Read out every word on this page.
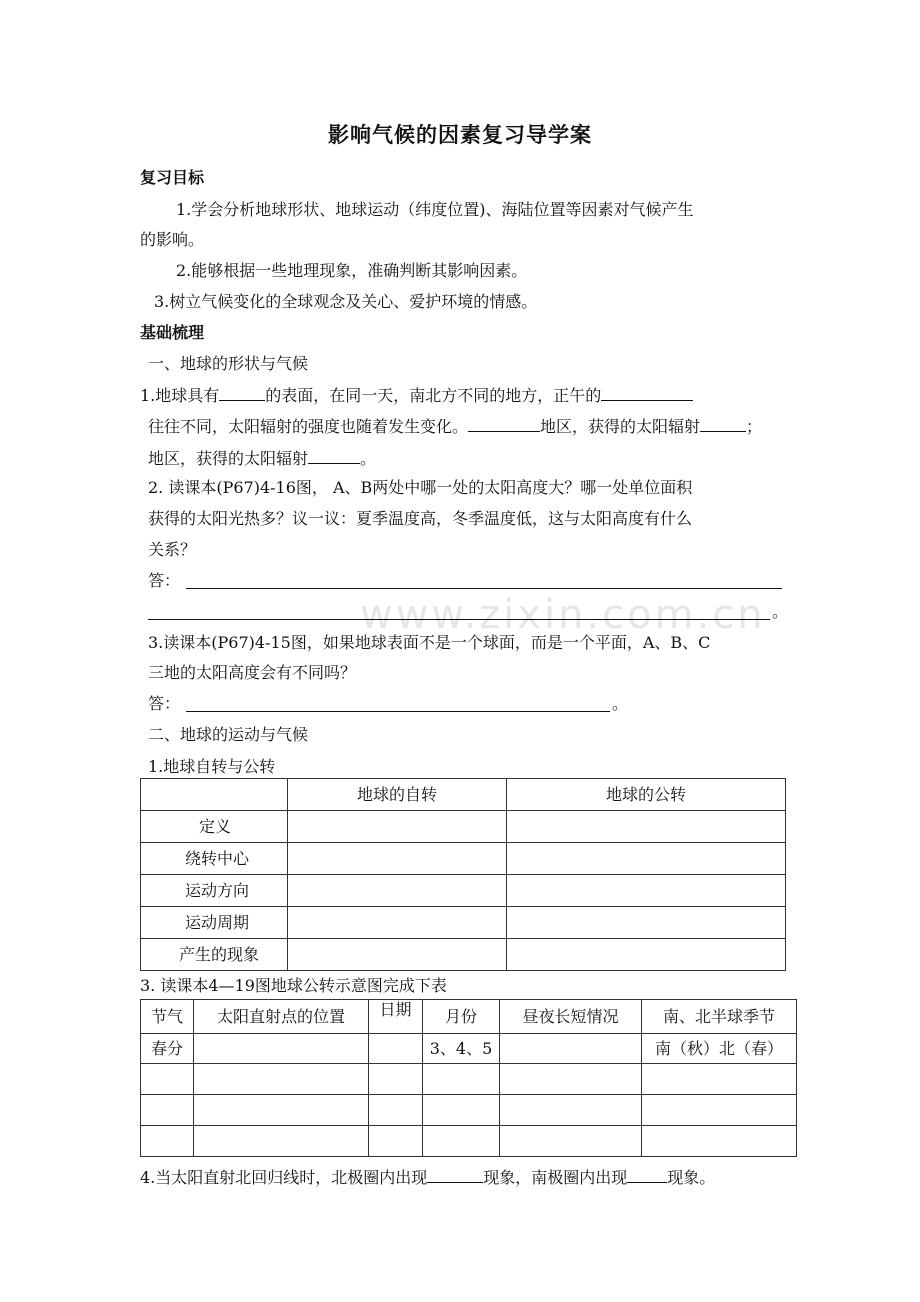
www.zixin.com.cn
影响气候的因素复习导学案
复习目标
1.学会分析地球形状、地球运动（纬度位置)、海陆位置等因素对气候产生
的影响。
2.能够根据一些地理现象，准确判断其影响因素。
3.树立气候变化的全球观念及关心、爱护环境的情感。
基础梳理
一、地球的形状与气候
1.地球具有	的表面，在同一天，南北方不同的地方，正午的
往往不同，太阳辐射的强度也随着发生变化。	地区，获得的太阳辐射	；
地区，获得的太阳辐射	。
2. 读课本(P67)4-16图， A、B两处中哪一处的太阳高度大？哪一处单位面积
获得的太阳光热多？议一议：夏季温度高，冬季温度低，这与太阳高度有什么
关系？
答：
。
3.读课本(P67)4-15图，如果地球表面不是一个球面，而是一个平面，A、B、C
三地的太阳高度会有不同吗？
答：	。
二、地球的运动与气候
1.地球自转与公转
	地球的自转	地球的公转
定义		
绕转中心		
运动方向		
运动周期		
产生的现象		
3. 读课本4—19图地球公转示意图完成下表
节气	太阳直射点的位置	日期	月份	昼夜长短情况	南、北半球季节
春分			3、4、5		南（秋）北（春）

4.当太阳直射北回归线时，北极圈内出现	现象，南极圈内出现	现象。
